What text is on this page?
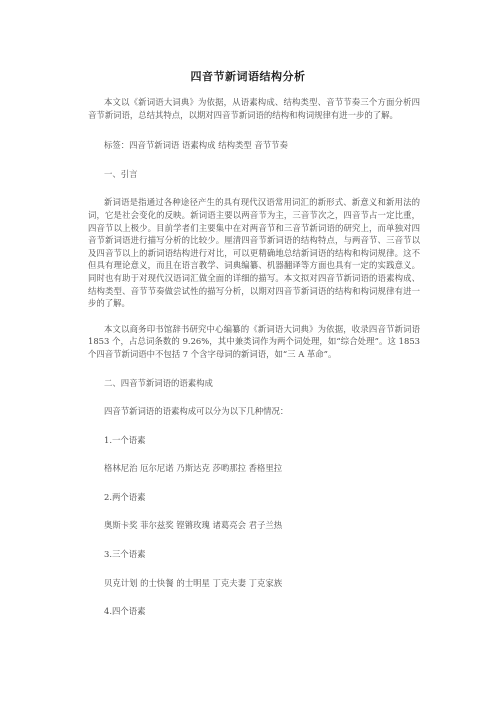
四音节新词语结构分析

本文以《新词语大词典》为依据，从语素构成、结构类型、音节节奏三个方面分析四音节新词语，总结其特点，以期对四音节新词语的结构和构词规律有进一步的了解。

标签：四音节新词语 语素构成 结构类型 音节节奏

一、引言

新词语是指通过各种途径产生的具有现代汉语常用词汇的新形式、新意义和新用法的词，它是社会变化的反映。新词语主要以两音节为主，三音节次之，四音节占一定比重，四音节以上极少。目前学者们主要集中在对两音节和三音节新词语的研究上，而单独对四音节新词语进行描写分析的比较少。厘清四音节新词语的结构特点，与两音节、三音节以及四音节以上的新词语结构进行对比，可以更精确地总结新词语的结构和构词规律。这不但具有理论意义，而且在语言教学、词典编纂、机器翻译等方面也具有一定的实践意义。同时也有助于对现代汉语词汇做全面的详细的描写。本文拟对四音节新词语的语素构成、结构类型、音节节奏做尝试性的描写分析，以期对四音节新词语的结构和构词规律有进一步的了解。

本文以商务印书馆辞书研究中心编纂的《新词语大词典》为依据，收录四音节新词语 1853 个，占总词条数的 9.26%，其中兼类词作为两个词处理，如“综合处理”。这 1853 个四音节新词语中不包括 7 个含字母词的新词语，如“三 A 革命”。

二、四音节新词语的语素构成

四音节新词语的语素构成可以分为以下几种情况：

1.一个语素

格林尼治 厄尔尼诺 乃斯达克 莎哟那拉 香格里拉

2.两个语素

奥斯卡奖 菲尔兹奖 铿锵玫瑰 诸葛亮会 君子兰热

3.三个语素

贝克计划 的士快餐 的士明星 丁克夫妻 丁克家族

4.四个语素
